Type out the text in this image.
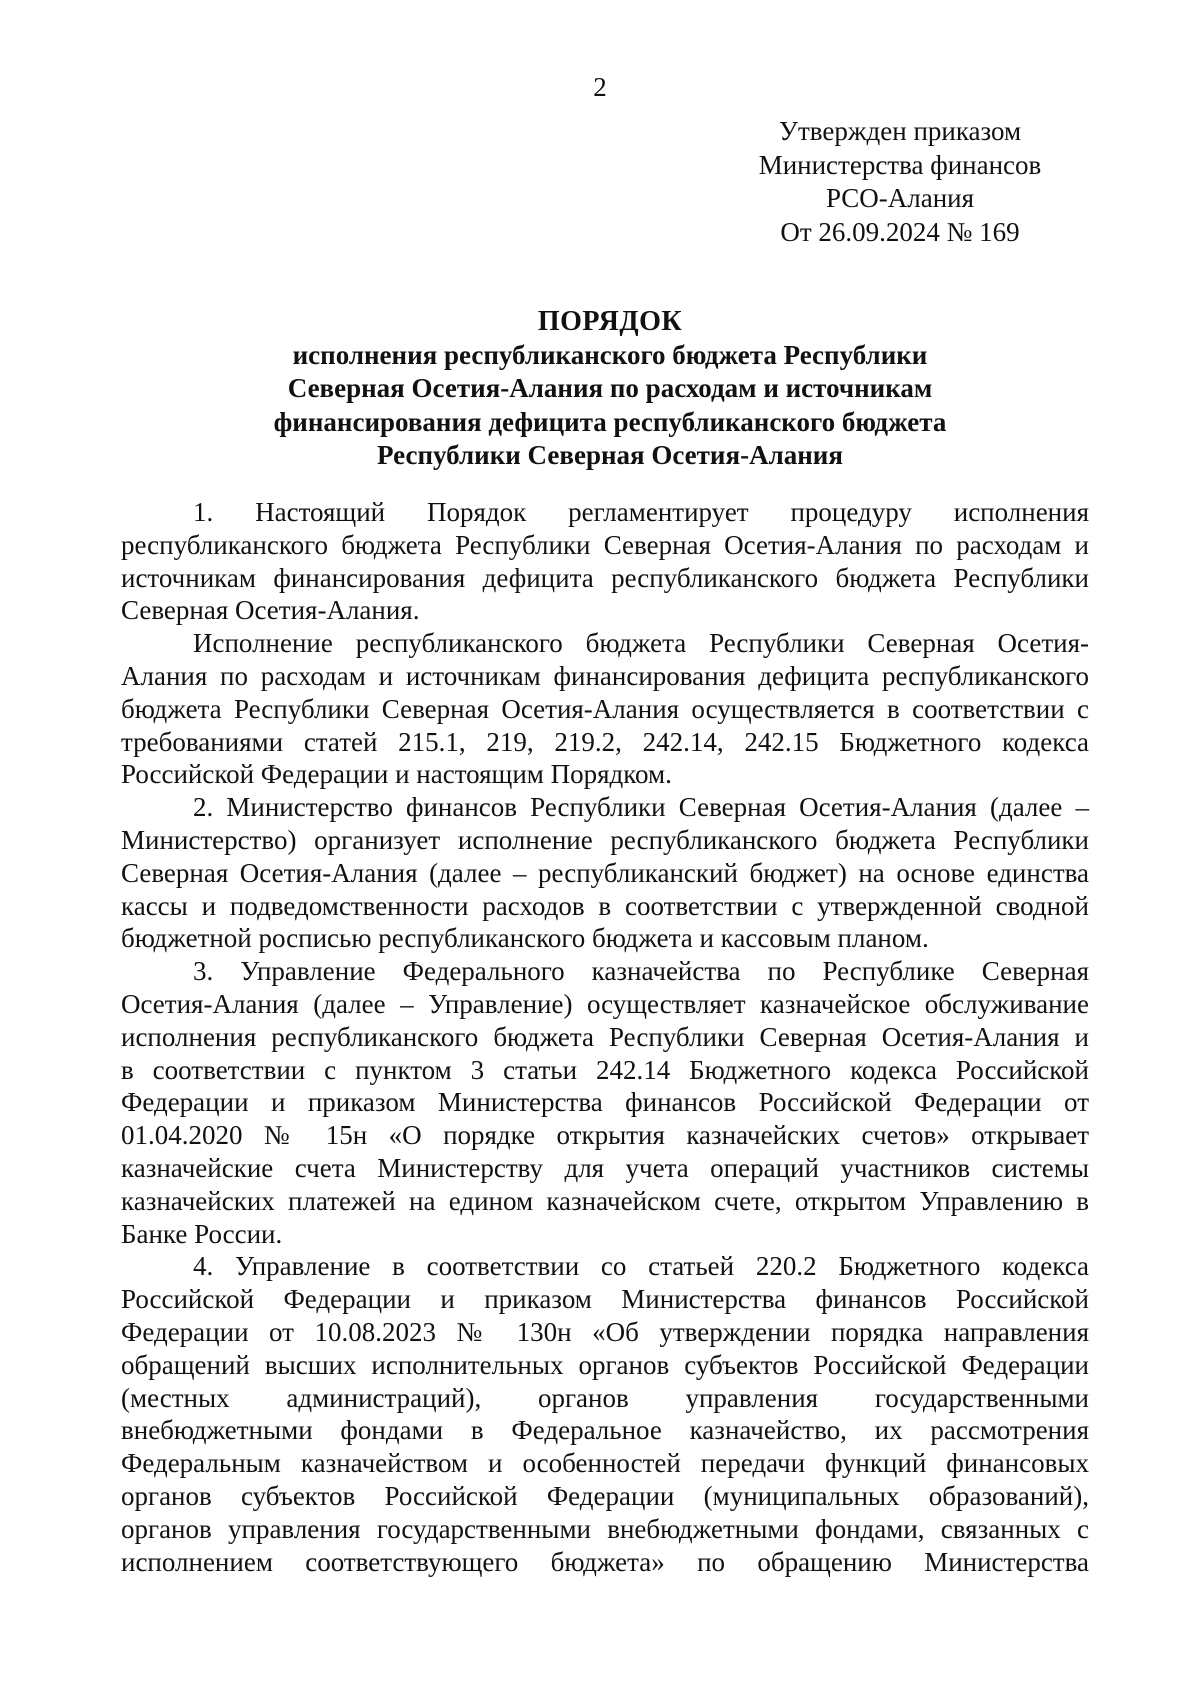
2
Утвержден приказом
Министерства финансов
РСО-Алания
От 26.09.2024 № 169
ПОРЯДОК
исполнения республиканского бюджета Республики
Северная Осетия-Алания по расходам и источникам
финансирования дефицита республиканского бюджета
Республики Северная Осетия-Алания
1. Настоящий Порядок регламентирует процедуру исполнения
республиканского бюджета Республики Северная Осетия-Алания по расходам и
источникам финансирования дефицита республиканского бюджета Республики
Северная Осетия-Алания.
Исполнение республиканского бюджета Республики Северная Осетия-
Алания по расходам и источникам финансирования дефицита республиканского
бюджета Республики Северная Осетия-Алания осуществляется в соответствии с
требованиями статей 215.1, 219, 219.2, 242.14, 242.15 Бюджетного кодекса
Российской Федерации и настоящим Порядком.
2. Министерство финансов Республики Северная Осетия-Алания (далее –
Министерство) организует исполнение республиканского бюджета Республики
Северная Осетия-Алания (далее – республиканский бюджет) на основе единства
кассы и подведомственности расходов в соответствии с утвержденной сводной
бюджетной росписью республиканского бюджета и кассовым планом.
3. Управление Федерального казначейства по Республике Северная
Осетия-Алания (далее – Управление) осуществляет казначейское обслуживание
исполнения республиканского бюджета Республики Северная Осетия-Алания и
в соответствии с пунктом 3 статьи 242.14 Бюджетного кодекса Российской
Федерации и приказом Министерства финансов Российской Федерации от
01.04.2020 № 15н «О порядке открытия казначейских счетов» открывает
казначейские счета Министерству для учета операций участников системы
казначейских платежей на едином казначейском счете, открытом Управлению в
Банке России.
4. Управление в соответствии со статьей 220.2 Бюджетного кодекса
Российской Федерации и приказом Министерства финансов Российской
Федерации от 10.08.2023 № 130н «Об утверждении порядка направления
обращений высших исполнительных органов субъектов Российской Федерации
(местных администраций), органов управления государственными
внебюджетными фондами в Федеральное казначейство, их рассмотрения
Федеральным казначейством и особенностей передачи функций финансовых
органов субъектов Российской Федерации (муниципальных образований),
органов управления государственными внебюджетными фондами, связанных с
исполнением соответствующего бюджета» по обращению Министерства
